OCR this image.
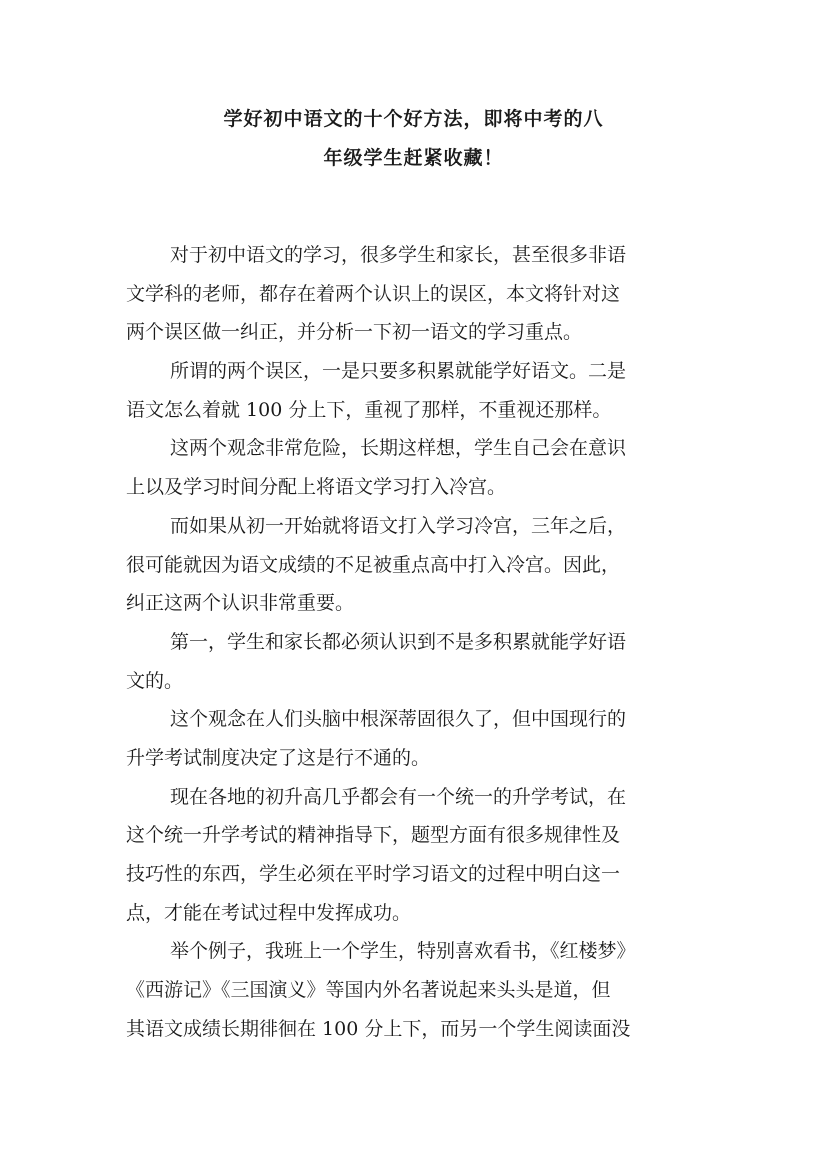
学好初中语文的十个好方法，即将中考的八
年级学生赶紧收藏！

对于初中语文的学习，很多学生和家长，甚至很多非语
文学科的老师，都存在着两个认识上的误区，本文将针对这
两个误区做一纠正，并分析一下初一语文的学习重点。

所谓的两个误区，一是只要多积累就能学好语文。二是
语文怎么着就 100 分上下，重视了那样，不重视还那样。

这两个观念非常危险，长期这样想，学生自己会在意识
上以及学习时间分配上将语文学习打入冷宫。

而如果从初一开始就将语文打入学习冷宫，三年之后，
很可能就因为语文成绩的不足被重点高中打入冷宫。因此，
纠正这两个认识非常重要。

第一，学生和家长都必须认识到不是多积累就能学好语
文的。

这个观念在人们头脑中根深蒂固很久了，但中国现行的
升学考试制度决定了这是行不通的。

现在各地的初升高几乎都会有一个统一的升学考试，在
这个统一升学考试的精神指导下，题型方面有很多规律性及
技巧性的东西，学生必须在平时学习语文的过程中明白这一
点，才能在考试过程中发挥成功。

举个例子，我班上一个学生，特别喜欢看书，《红楼梦》
《西游记》《三国演义》等国内外名著说起来头头是道，但
其语文成绩长期徘徊在 100 分上下，而另一个学生阅读面没
